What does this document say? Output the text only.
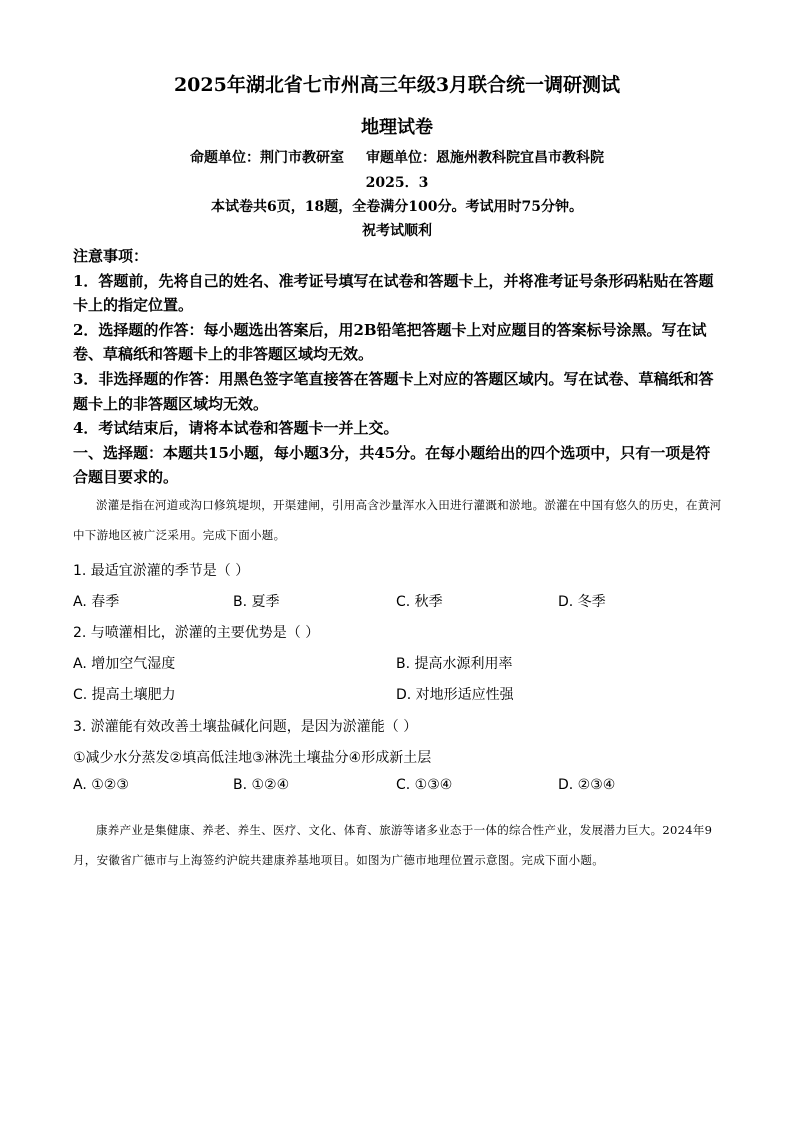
2025年湖北省七市州高三年级3月联合统一调研测试
地理试卷
命题单位：荆门市教研室 审题单位：恩施州教科院宜昌市教科院
2025．3
本试卷共6页，18题，全卷满分100分。考试用时75分钟。
祝考试顺利

注意事项：

1．答题前，先将自己的姓名、准考证号填写在试卷和答题卡上，并将准考证号条形码粘贴在答题卡上的指定位置。

2．选择题的作答：每小题选出答案后，用2B铅笔把答题卡上对应题目的答案标号涂黑。写在试卷、草稿纸和答题卡上的非答题区域均无效。

3．非选择题的作答：用黑色签字笔直接答在答题卡上对应的答题区域内。写在试卷、草稿纸和答题卡上的非答题区域均无效。

4．考试结束后，请将本试卷和答题卡一并上交。

一、选择题：本题共15小题，每小题3分，共45分。在每小题给出的四个选项中，只有一项是符合题目要求的。

淤灌是指在河道或沟口修筑堤坝，开渠建闸，引用高含沙量浑水入田进行灌溉和淤地。淤灌在中国有悠久的历史，在黄河中下游地区被广泛采用。完成下面小题。

1. 最适宜淤灌的季节是（ ）
A. 春季	B. 夏季	C. 秋季	D. 冬季
2. 与喷灌相比，淤灌的主要优势是（ ）
A. 增加空气湿度	B. 提高水源利用率
C. 提高土壤肥力	D. 对地形适应性强
3. 淤灌能有效改善土壤盐碱化问题，是因为淤灌能（ ）
①减少水分蒸发②填高低洼地③淋洗土壤盐分④形成新土层
A. ①②③	B. ①②④	C. ①③④	D. ②③④

康养产业是集健康、养老、养生、医疗、文化、体育、旅游等诸多业态于一体的综合性产业，发展潜力巨大。2024年9月，安徽省广德市与上海签约沪皖共建康养基地项目。如图为广德市地理位置示意图。完成下面小题。
